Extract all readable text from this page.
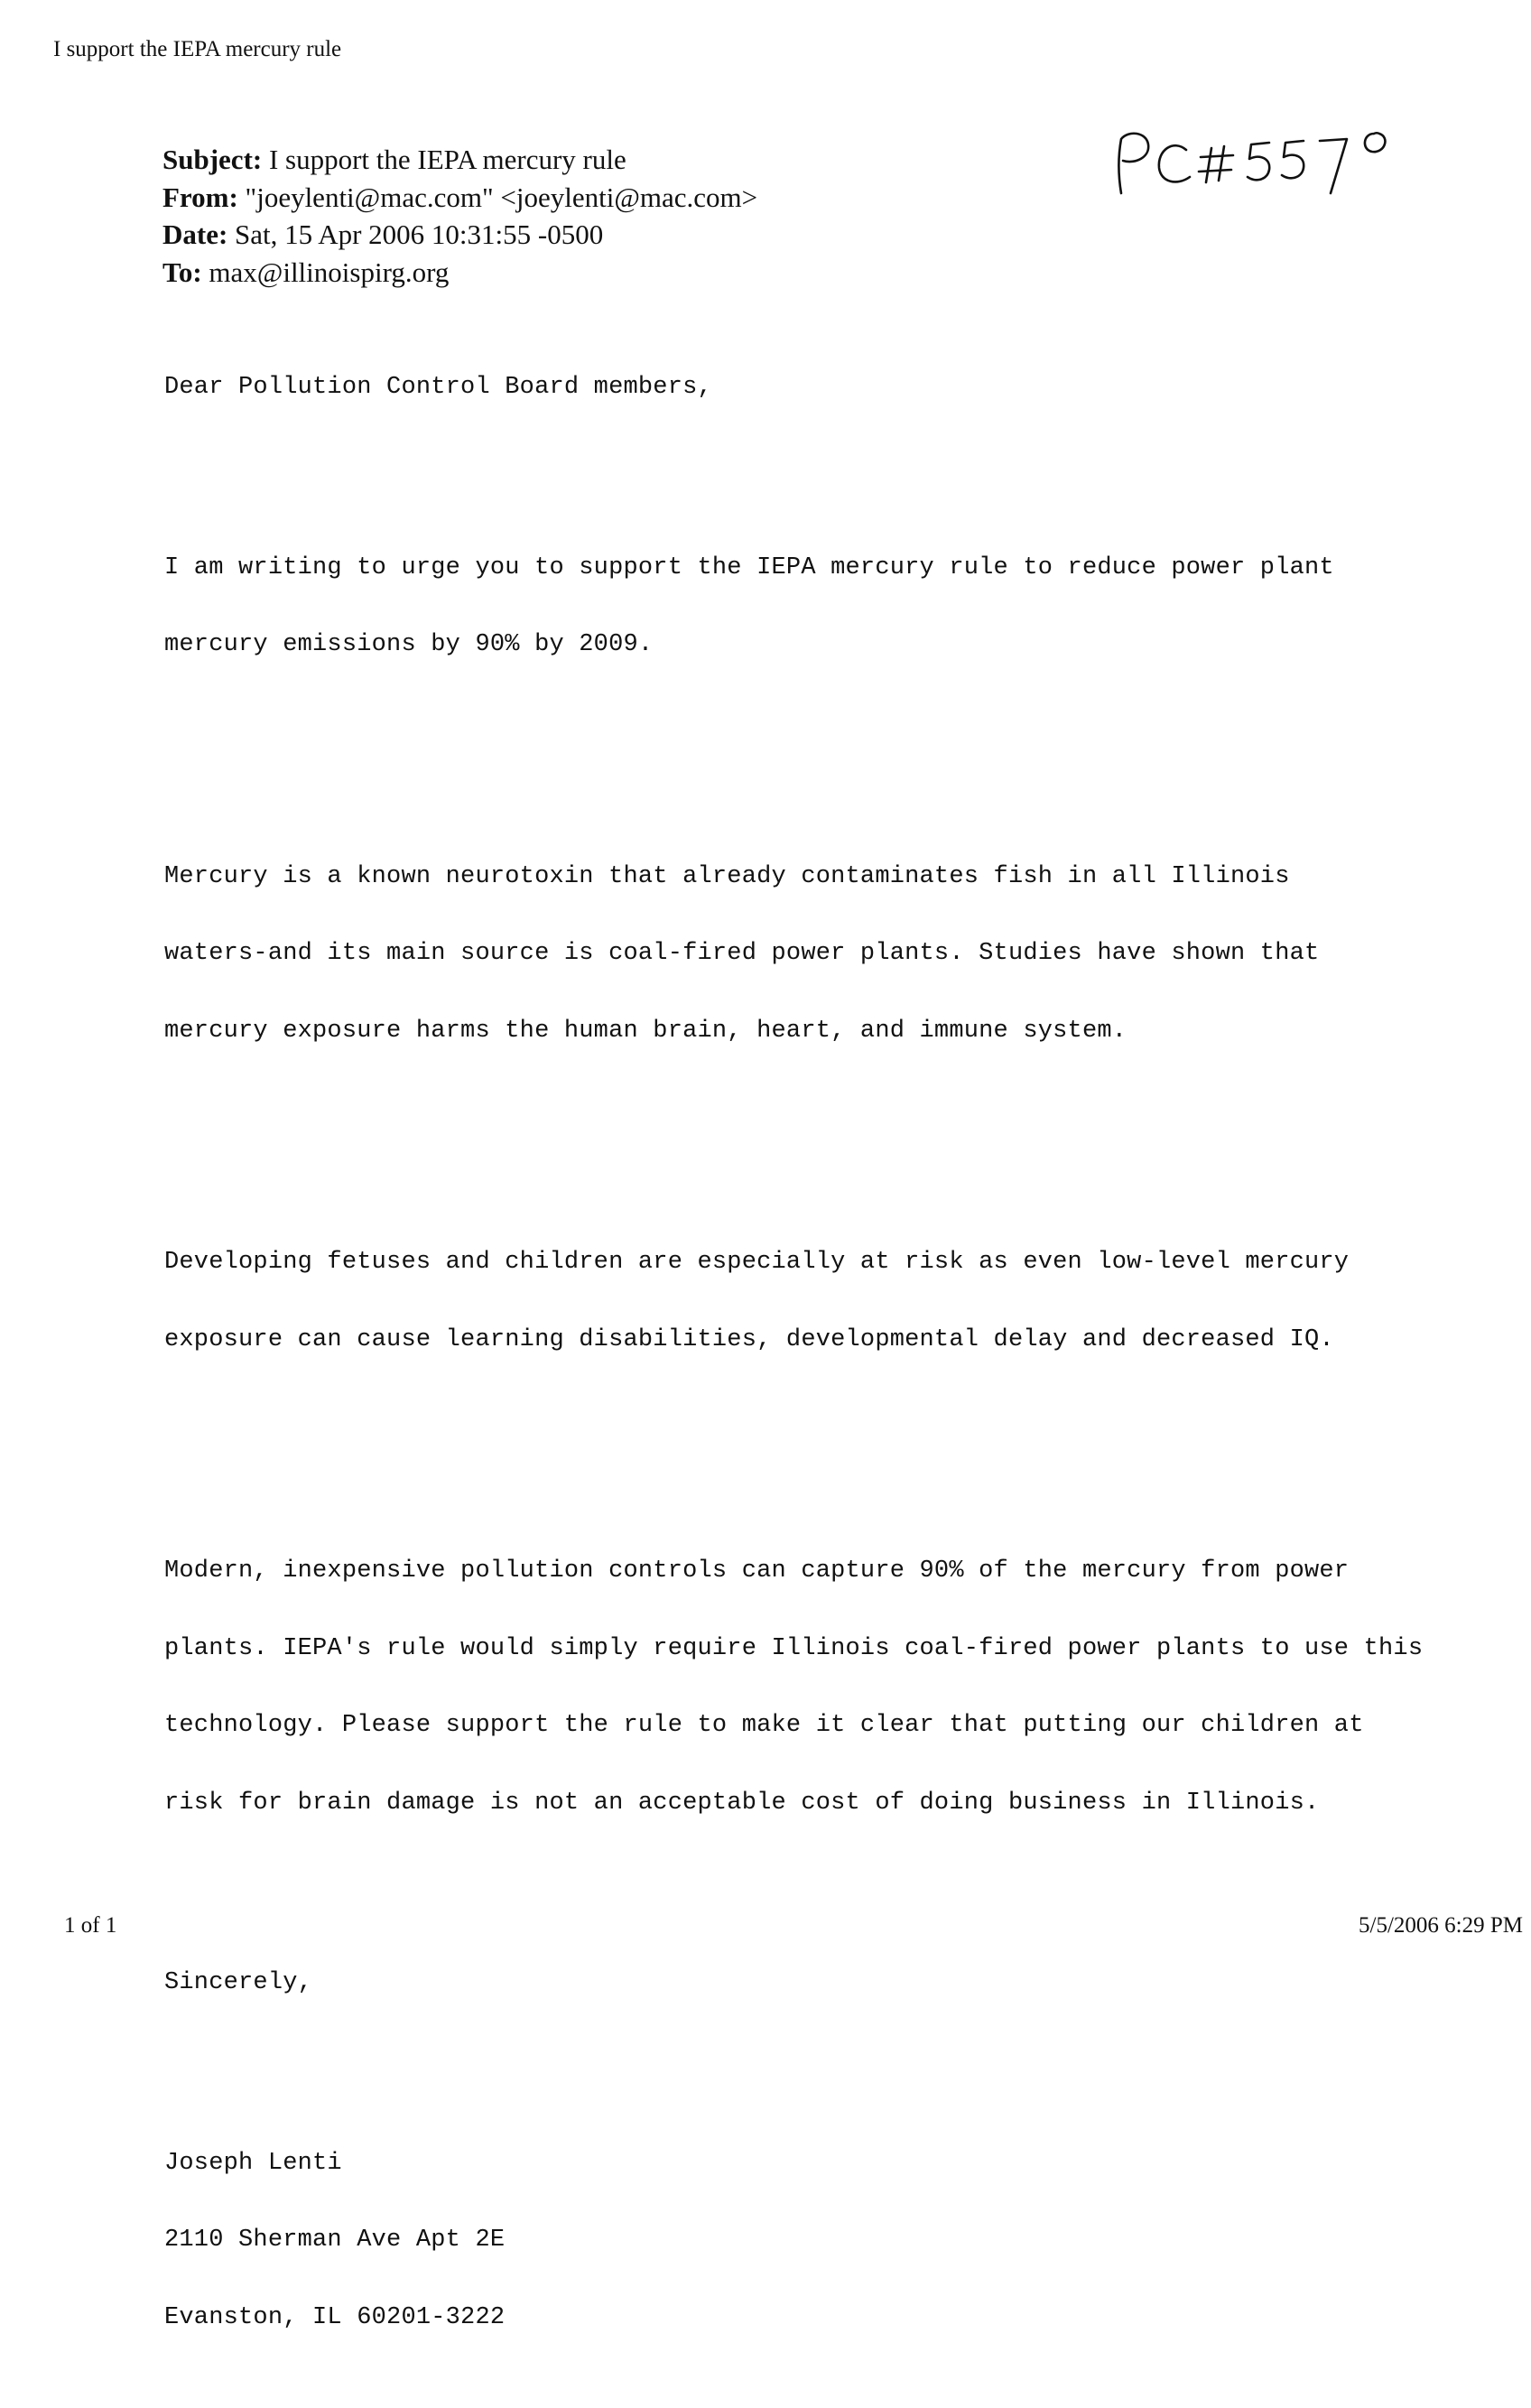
I support the IEPA mercury rule
Subject: I support the IEPA mercury rule
From: "joeylenti@mac.com" <joeylenti@mac.com>
Date: Sat, 15 Apr 2006 10:31:55 -0500
To: max@illinoispirg.org

Dear Pollution Control Board members,

I am writing to urge you to support the IEPA mercury rule to reduce power plant

mercury emissions by 90% by 2009.

Mercury is a known neurotoxin that already contaminates fish in all Illinois

waters-and its main source is coal-fired power plants. Studies have shown that

mercury exposure harms the human brain, heart, and immune system.

Developing fetuses and children are especially at risk as even low-level mercury

exposure can cause learning disabilities, developmental delay and decreased IQ.

Modern, inexpensive pollution controls can capture 90% of the mercury from power

plants. IEPA's rule would simply require Illinois coal-fired power plants to use this

technology. Please support the rule to make it clear that putting our children at

risk for brain damage is not an acceptable cost of doing business in Illinois.

Sincerely,

Joseph Lenti

2110 Sherman Ave Apt 2E

Evanston, IL 60201-3222

1 of 1	5/5/2006 6:29 PM
